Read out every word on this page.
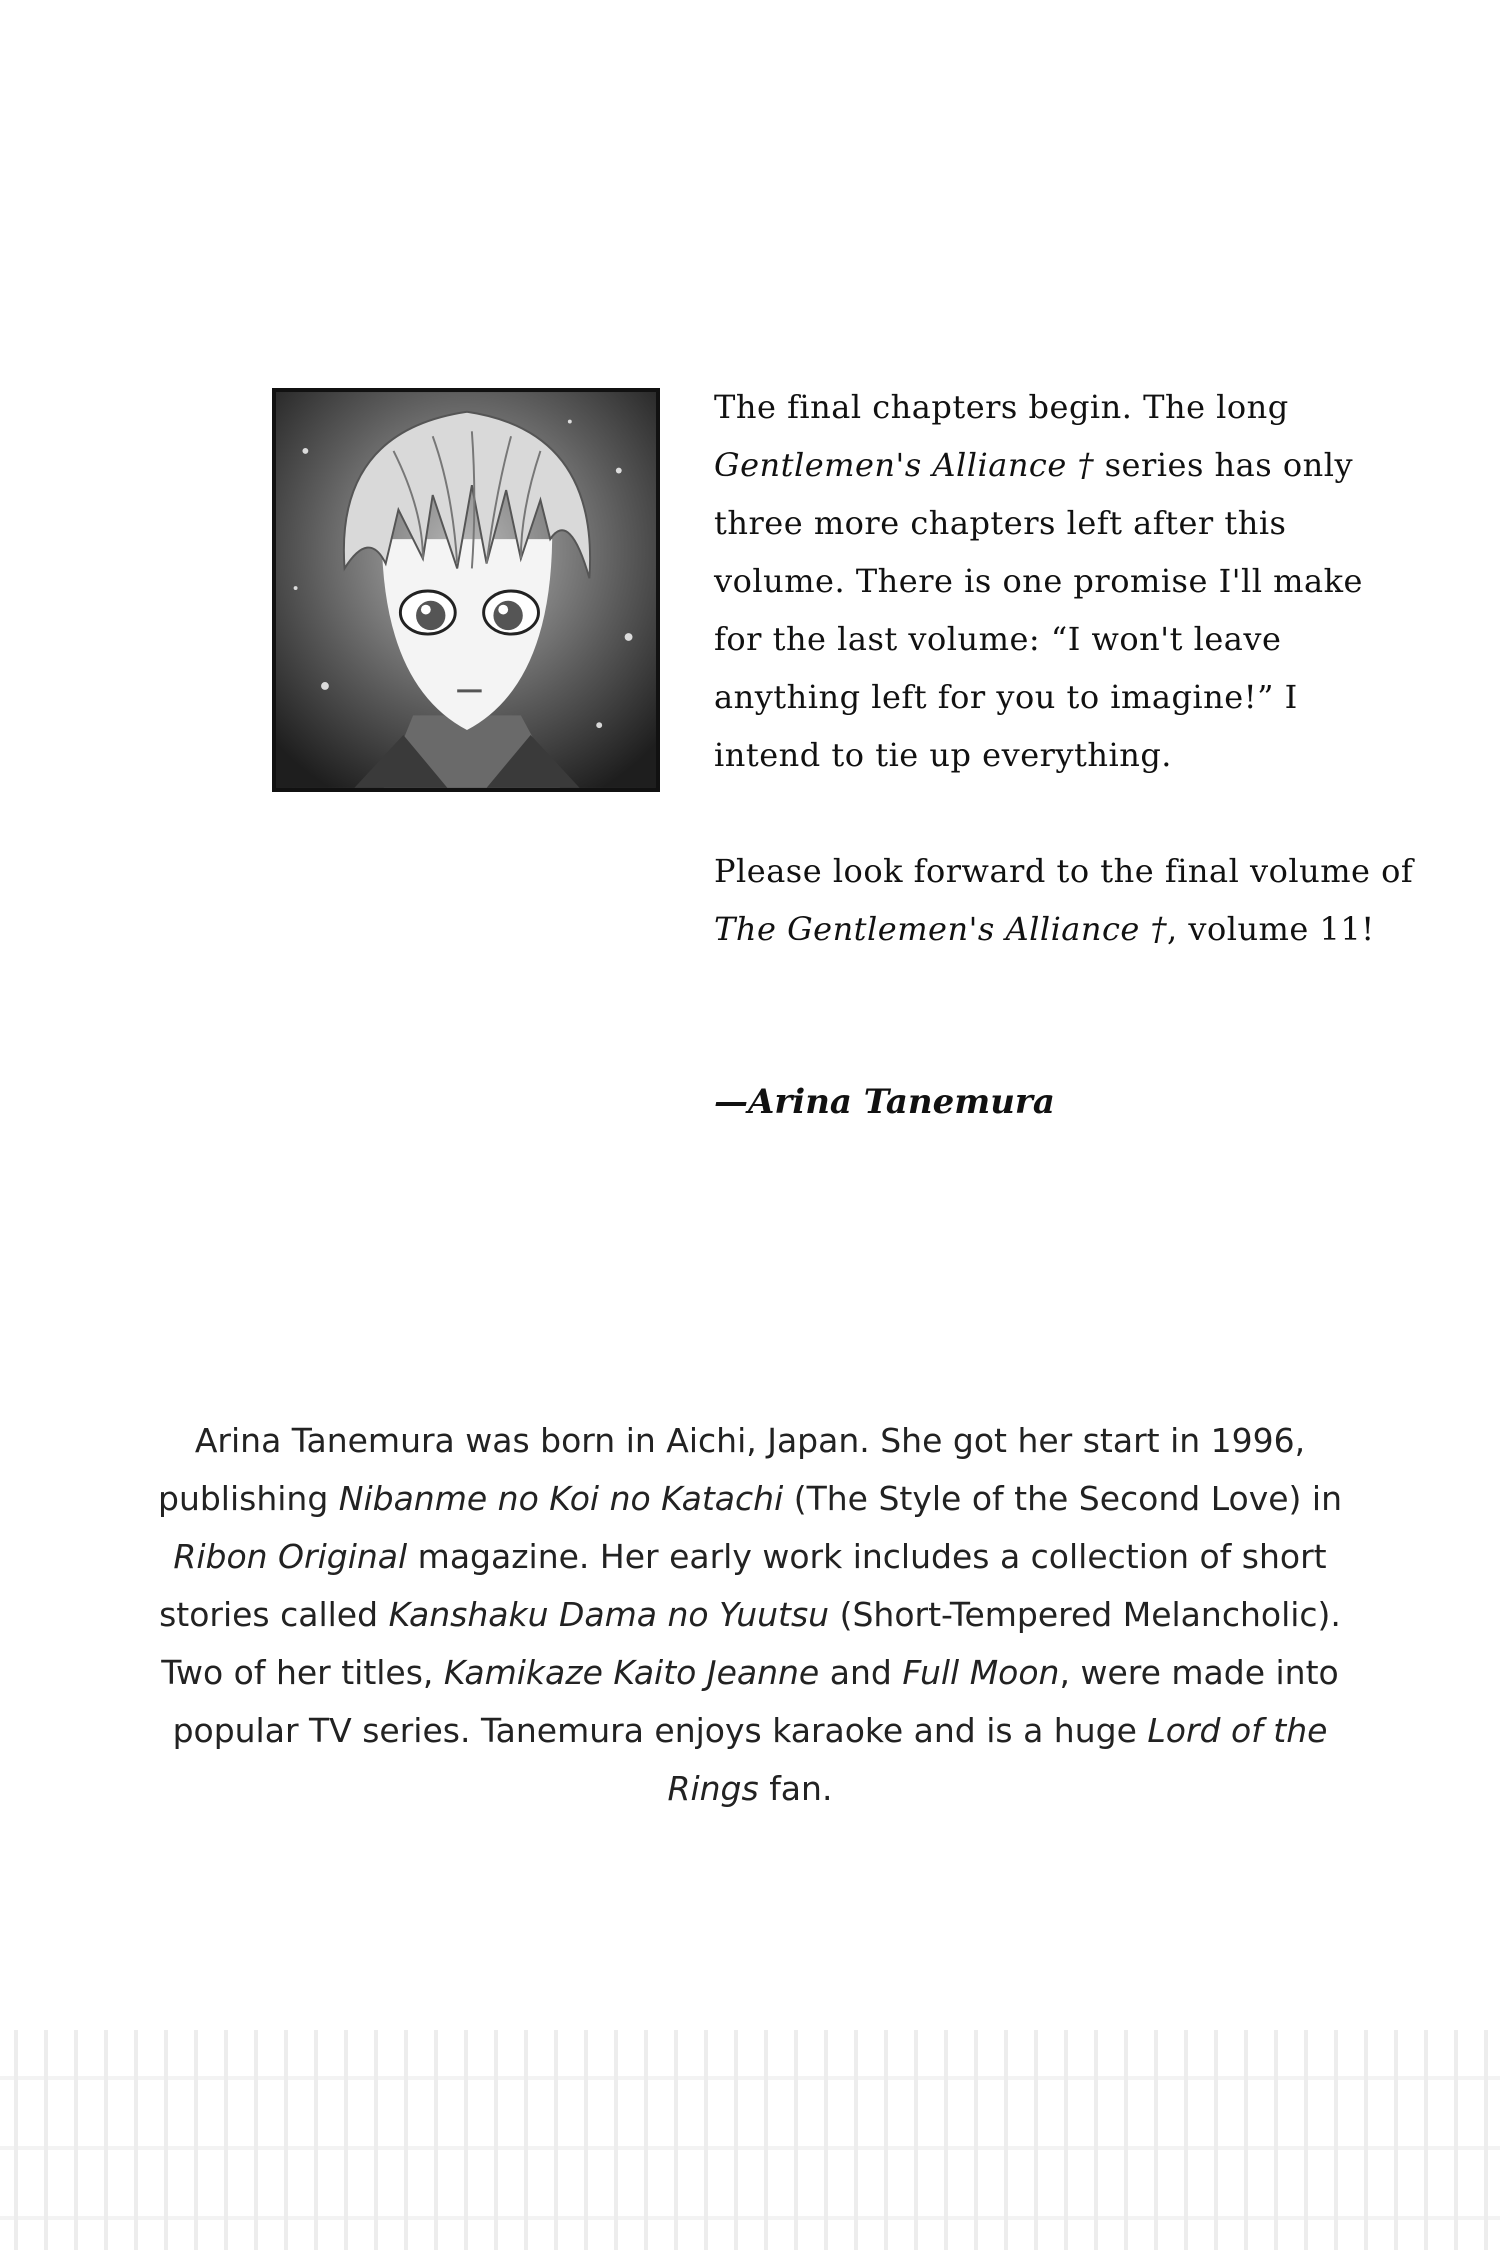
The final chapters begin. The long Gentlemen's Alliance † series has only three more chapters left after this volume. There is one promise I'll make for the last volume: “I won't leave anything left for you to imagine!” I intend to tie up everything.

Please look forward to the final volume of The Gentlemen's Alliance †, volume 11!

—Arina Tanemura

Arina Tanemura was born in Aichi, Japan. She got her start in 1996, publishing Nibanme no Koi no Katachi (The Style of the Second Love) in Ribon Original magazine. Her early work includes a collection of short stories called Kanshaku Dama no Yuutsu (Short-Tempered Melancholic). Two of her titles, Kamikaze Kaito Jeanne and Full Moon, were made into popular TV series. Tanemura enjoys karaoke and is a huge Lord of the Rings fan.
